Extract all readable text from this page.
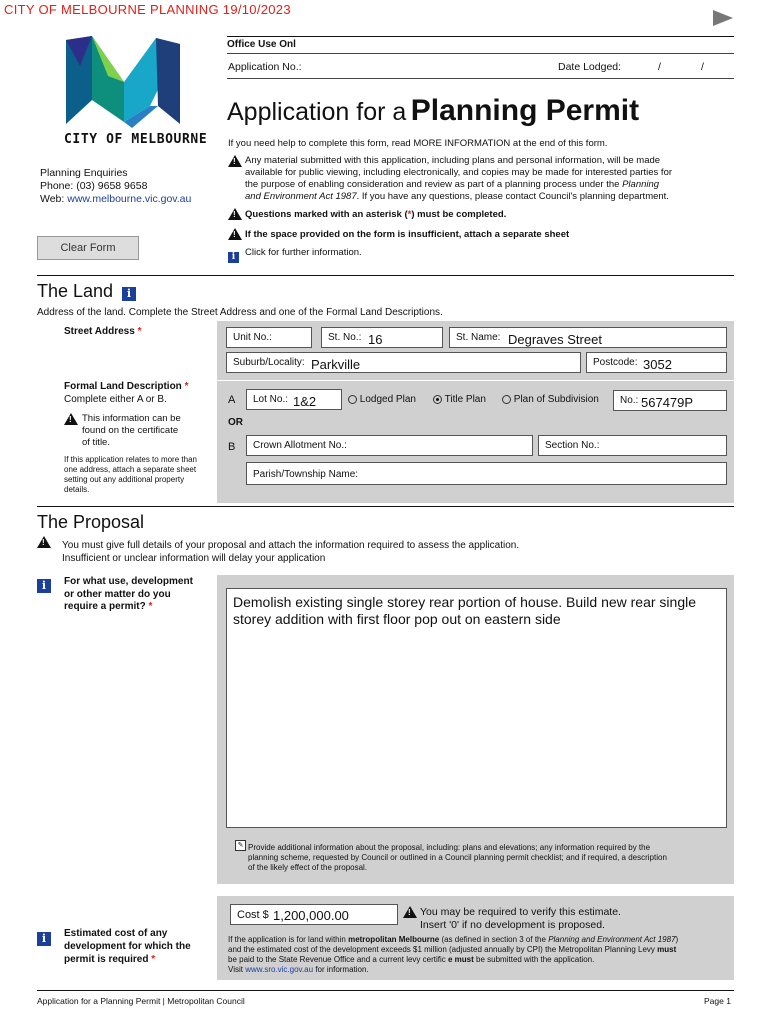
CITY OF MELBOURNE PLANNING 19/10/2023
CITY OF MELBOURNE
Office Use Onl
Application No.:	Date Lodged:	/	/
Application for a Planning Permit
Planning Enquiries
Phone: (03) 9658 9658
Web: www.melbourne.vic.gov.au
Clear Form
If you need help to complete this form, read MORE INFORMATION at the end of this form.
!
Any material submitted with this application, including plans and personal information, will be made
available for public viewing, including electronically, and copies may be made for interested parties for
the purpose of enabling consideration and review as part of a planning process under the Planning
and Environment Act 1987. If you have any questions, please contact Council's planning department.
!
Questions marked with an asterisk (*) must be completed.
!
If the space provided on the form is insufficient, attach a separate sheet
i	Click for further information.
The Land	i
Address of the land. Complete the Street Address and one of the Formal Land Descriptions.
Street Address *
Unit No.:	St. No.: 16	St. Name: Degraves Street
Suburb/Locality: Parkville	Postcode: 3052
Formal Land Description *
Complete either A or B.
!
This information can be
found on the certificate
of title.
If this application relates to more than
one address, attach a separate sheet
setting out any additional property
details.
A Lot No.: 1&2	Lodged Plan	Title Plan	Plan of Subdivision No.: 567479P
OR
B Crown Allotment No.:	Section No.:
Parish/Township Name:
The Proposal
!
You must give full details of your proposal and attach the information required to assess the application.
Insufficient or unclear information will delay your application
i	For what use, development
or other matter do you
require a permit? *	Demolish existing single storey rear portion of house. Build new rear single storey addition with first floor pop out on eastern side
✎ Provide additional information about the proposal, including: plans and elevations; any information required by the
planning scheme, requested by Council or outlined in a Council planning permit checklist; and if required, a description
of the likely effect of the proposal.
Cost $ 1,200,000.00
!	You may be required to verify this estimate.
Insert '0' if no development is proposed.
i	Estimated cost of any
development for which the
permit is required *
If the application is for land within metropolitan Melbourne (as defined in section 3 of the Planning and Environment Act 1987)
and the estimated cost of the development exceeds $1 million (adjusted annually by CPI) the Metropolitan Planning Levy must
be paid to the State Revenue Office and a current levy certific e must be submitted with the application.
Visit www.sro.vic.gov.au for information.
Application for a Planning Permit | Metropolitan Council	Page 1
